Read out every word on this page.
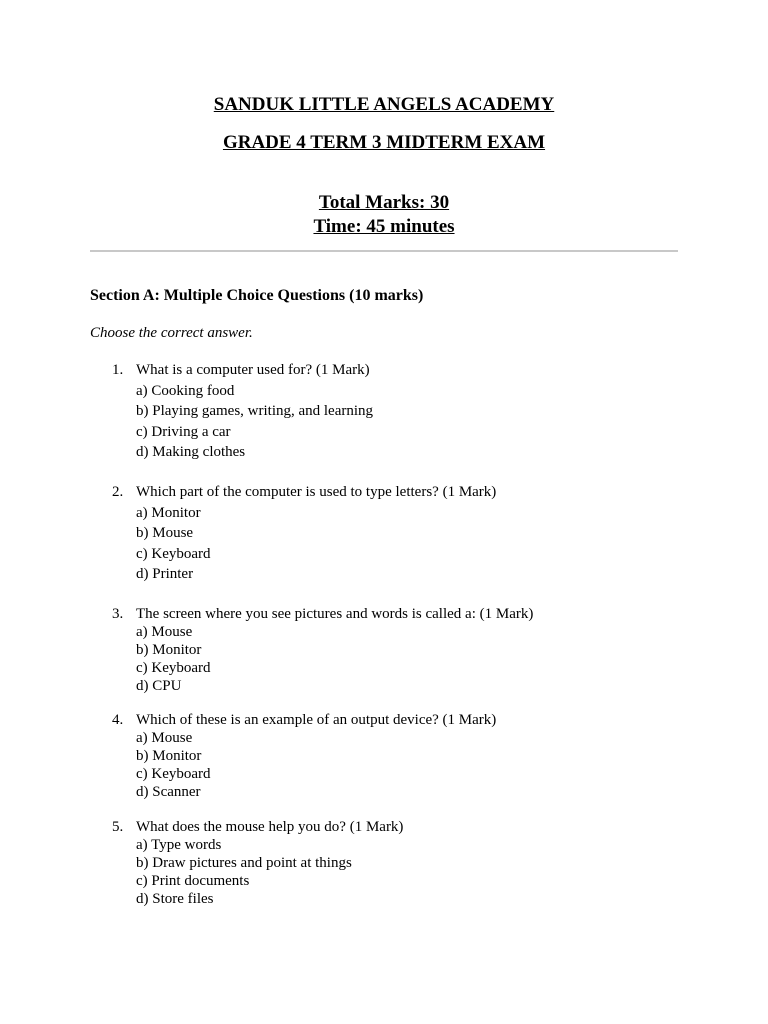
SANDUK LITTLE ANGELS ACADEMY
GRADE 4 TERM 3 MIDTERM EXAM
Total Marks: 30
Time: 45 minutes
Section A: Multiple Choice Questions (10 marks)
Choose the correct answer.
1. What is a computer used for? (1 Mark)
a) Cooking food
b) Playing games, writing, and learning
c) Driving a car
d) Making clothes
2. Which part of the computer is used to type letters? (1 Mark)
a) Monitor
b) Mouse
c) Keyboard
d) Printer
3. The screen where you see pictures and words is called a: (1 Mark)
a) Mouse
b) Monitor
c) Keyboard
d) CPU
4. Which of these is an example of an output device? (1 Mark)
a) Mouse
b) Monitor
c) Keyboard
d) Scanner
5. What does the mouse help you do? (1 Mark)
a) Type words
b) Draw pictures and point at things
c) Print documents
d) Store files
